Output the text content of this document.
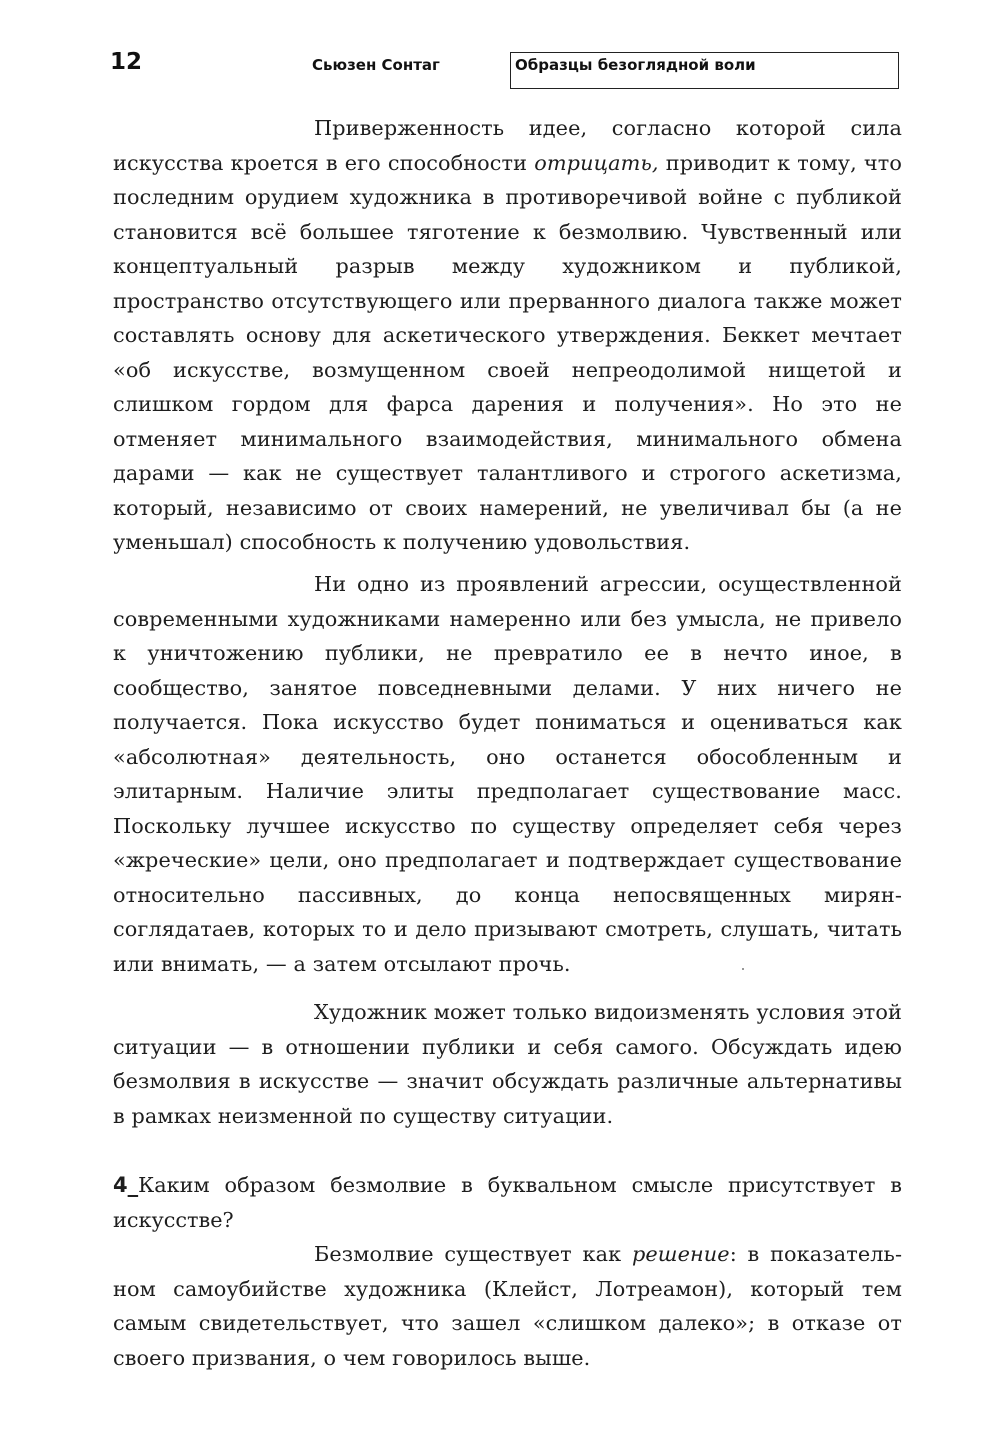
12	Сьюзен Сонтаг	Образцы безоглядной воли

Приверженность идее, согласно которой сила искусства кроется в его способности отрицать, приводит к тому, что последним орудием художника в противоречивой войне с публикой становится всё большее тяготение к безмолвию. Чувственный или концептуальный разрыв между художником и публикой, пространство отсутствующего или прерванного диалога также может составлять основу для аскетического утверждения. Беккет мечтает «об искусстве, возмущенном своей непреодолимой нищетой и слишком гордом для фарса дарения и получения». Но это не отменяет минимального взаимодействия, минимального обмена дарами — как не существует талантливого и строгого аскетизма, который, независимо от своих намерений, не увеличивал бы (а не уменьшал) способность к получению удовольствия.

Ни одно из проявлений агрессии, осуществленной современными художниками намеренно или без умысла, не привело к уничтожению публики, не превратило ее в нечто иное, в сообщество, занятое повседневными делами. У них ничего не получается. Пока искусство будет пониматься и оцениваться как «абсолютная» деятельность, оно останется обособленным и элитарным. Наличие элиты предполагает существование масс. Поскольку лучшее искусство по существу определяет себя через «жреческие» цели, оно предполагает и подтверждает существование относительно пассивных, до конца непосвященных мирян-соглядатаев, которых то и дело призывают смотреть, слушать, читать или внимать, — а затем отсылают прочь.

Художник может только видоизменять условия этой ситуации — в отношении публики и себя самого. Обсуждать идею безмолвия в искусстве — значит обсуждать различные альтернативы в рамках неизменной по существу ситуации.

4_Каким образом безмолвие в буквальном смысле присутствует в искусстве?

Безмолвие существует как решение: в показательном самоубийстве художника (Клейст, Лотреамон), который тем самым свидетельствует, что зашел «слишком далеко»; в отказе от своего призвания, о чем говорилось выше.
